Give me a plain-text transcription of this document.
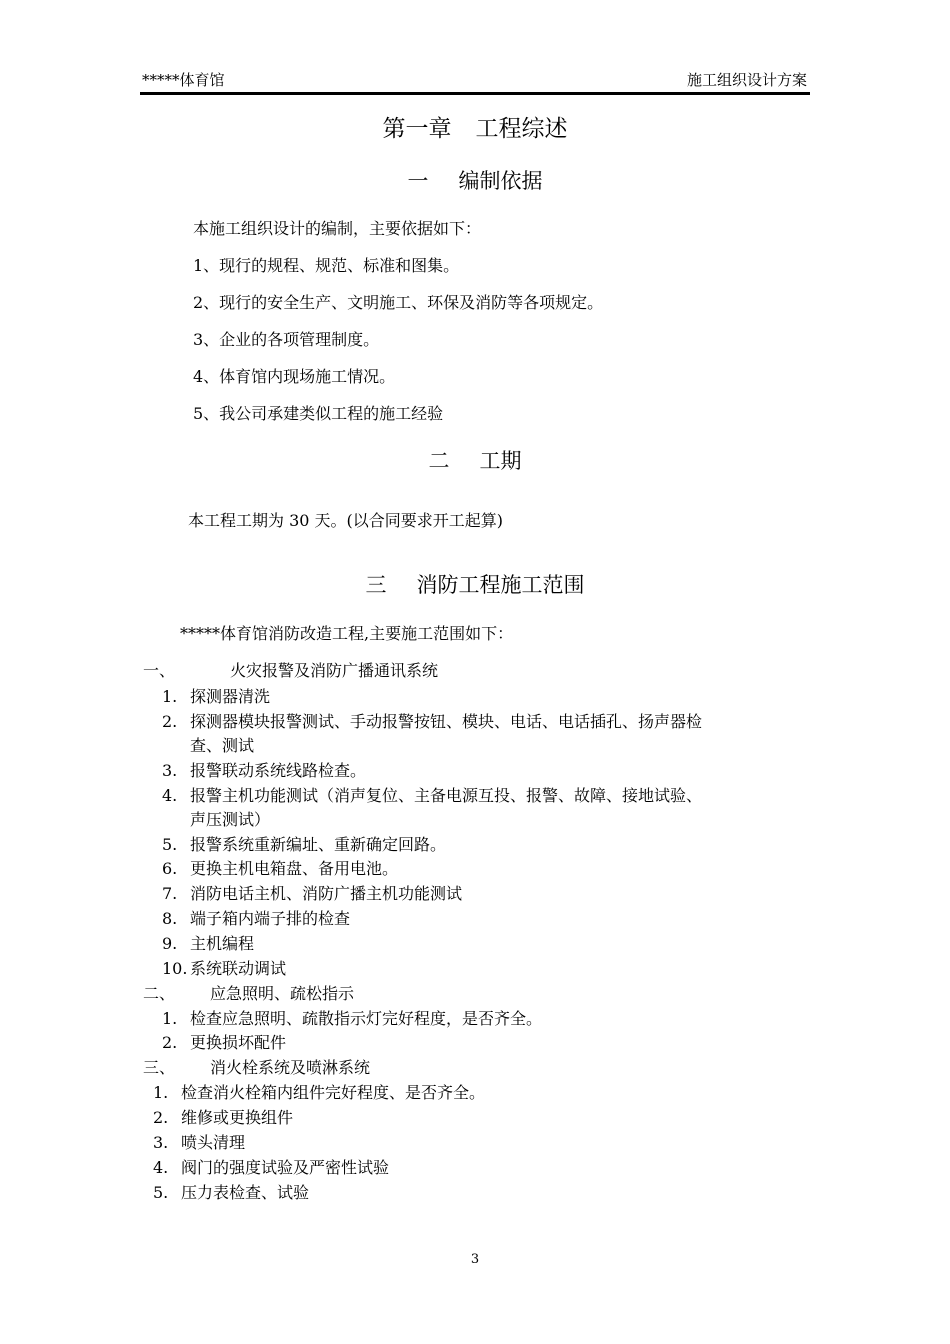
*****体育馆	施工组织设计方案
第一章 工程综述
一 编制依据
本施工组织设计的编制，主要依据如下：
1、现行的规程、规范、标准和图集。
2、现行的安全生产、文明施工、环保及消防等各项规定。
3、企业的各项管理制度。
4、体育馆内现场施工情况。
5、我公司承建类似工程的施工经验
二 工期
本工程工期为 30 天。(以合同要求开工起算)
三 消防工程施工范围
*****体育馆消防改造工程,主要施工范围如下：
一、	火灾报警及消防广播通讯系统
1. 探测器清洗
2. 探测器模块报警测试、手动报警按钮、模块、电话、电话插孔、扬声器检
查、测试
3. 报警联动系统线路检查。
4. 报警主机功能测试（消声复位、主备电源互投、报警、故障、接地试验、
声压测试）
5. 报警系统重新编址、重新确定回路。
6. 更换主机电箱盘、备用电池。
7. 消防电话主机、消防广播主机功能测试
8. 端子箱内端子排的检查
9. 主机编程
10. 系统联动调试
二、 应急照明、疏松指示
1. 检查应急照明、疏散指示灯完好程度，是否齐全。
2. 更换损坏配件
三、 消火栓系统及喷淋系统
1. 检查消火栓箱内组件完好程度、是否齐全。
2. 维修或更换组件
3. 喷头清理
4. 阀门的强度试验及严密性试验
5. 压力表检查、试验
3
